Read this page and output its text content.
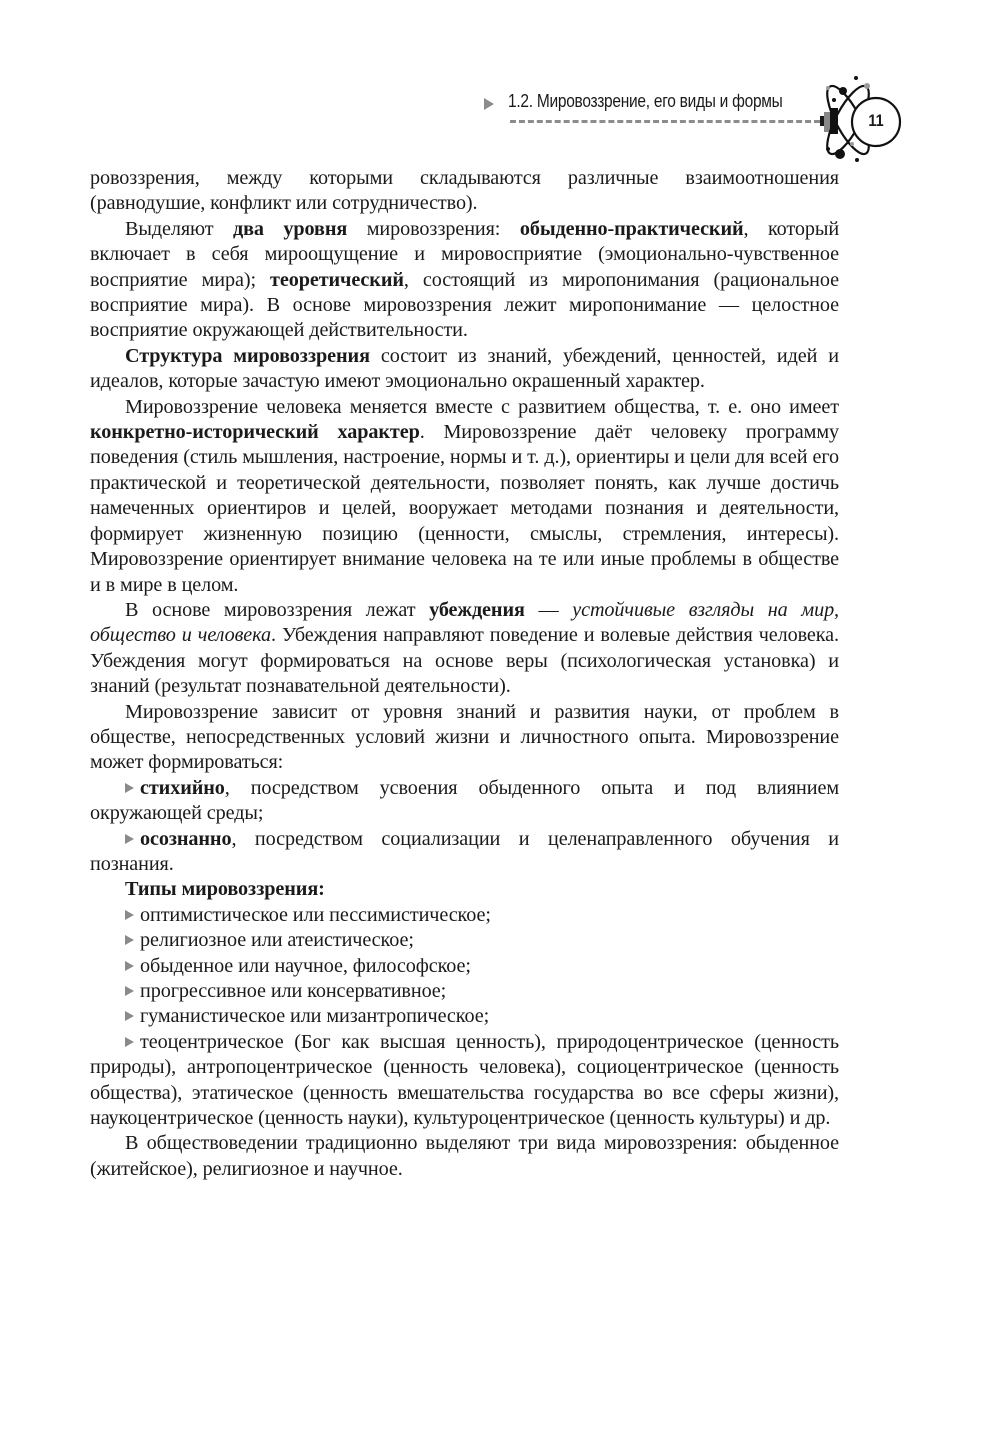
1.2. Мировоззрение, его виды и формы
11

ровоззрения, между которыми складываются различные взаимоотношения (равнодушие, конфликт или сотрудничество).

Выделяют два уровня мировоззрения: обыденно-практический, который включает в себя мироощущение и мировосприятие (эмоционально-чувственное восприятие мира); теоретический, состоящий из миропонимания (рациональное восприятие мира). В основе мировоззрения лежит миропонимание — целостное восприятие окружающей действительности.

Структура мировоззрения состоит из знаний, убеждений, ценностей, идей и идеалов, которые зачастую имеют эмоционально окрашенный характер.

Мировоззрение человека меняется вместе с развитием общества, т. е. оно имеет конкретно-исторический характер. Мировоззрение даёт человеку программу поведения (стиль мышления, настроение, нормы и т. д.), ориентиры и цели для всей его практической и теоретической деятельности, позволяет понять, как лучше достичь намеченных ориентиров и целей, вооружает методами познания и деятельности, формирует жизненную позицию (ценности, смыслы, стремления, интересы). Мировоззрение ориентирует внимание человека на те или иные проблемы в обществе и в мире в целом.

В основе мировоззрения лежат убеждения — устойчивые взгляды на мир, общество и человека. Убеждения направляют поведение и волевые действия человека. Убеждения могут формироваться на основе веры (психологическая установка) и знаний (результат познавательной деятельности).

Мировоззрение зависит от уровня знаний и развития науки, от проблем в обществе, непосредственных условий жизни и личностного опыта. Мировоззрение может формироваться:

стихийно, посредством усвоения обыденного опыта и под влиянием окружающей среды;

осознанно, посредством социализации и целенаправленного обучения и познания.

Типы мировоззрения:

оптимистическое или пессимистическое;

религиозное или атеистическое;

обыденное или научное, философское;

прогрессивное или консервативное;

гуманистическое или мизантропическое;

теоцентрическое (Бог как высшая ценность), природоцентрическое (ценность природы), антропоцентрическое (ценность человека), социоцентрическое (ценность общества), этатическое (ценность вмешательства государства во все сферы жизни), наукоцентрическое (ценность науки), культуроцентрическое (ценность культуры) и др.

В обществоведении традиционно выделяют три вида мировоззрения: обыденное (житейское), религиозное и научное.
